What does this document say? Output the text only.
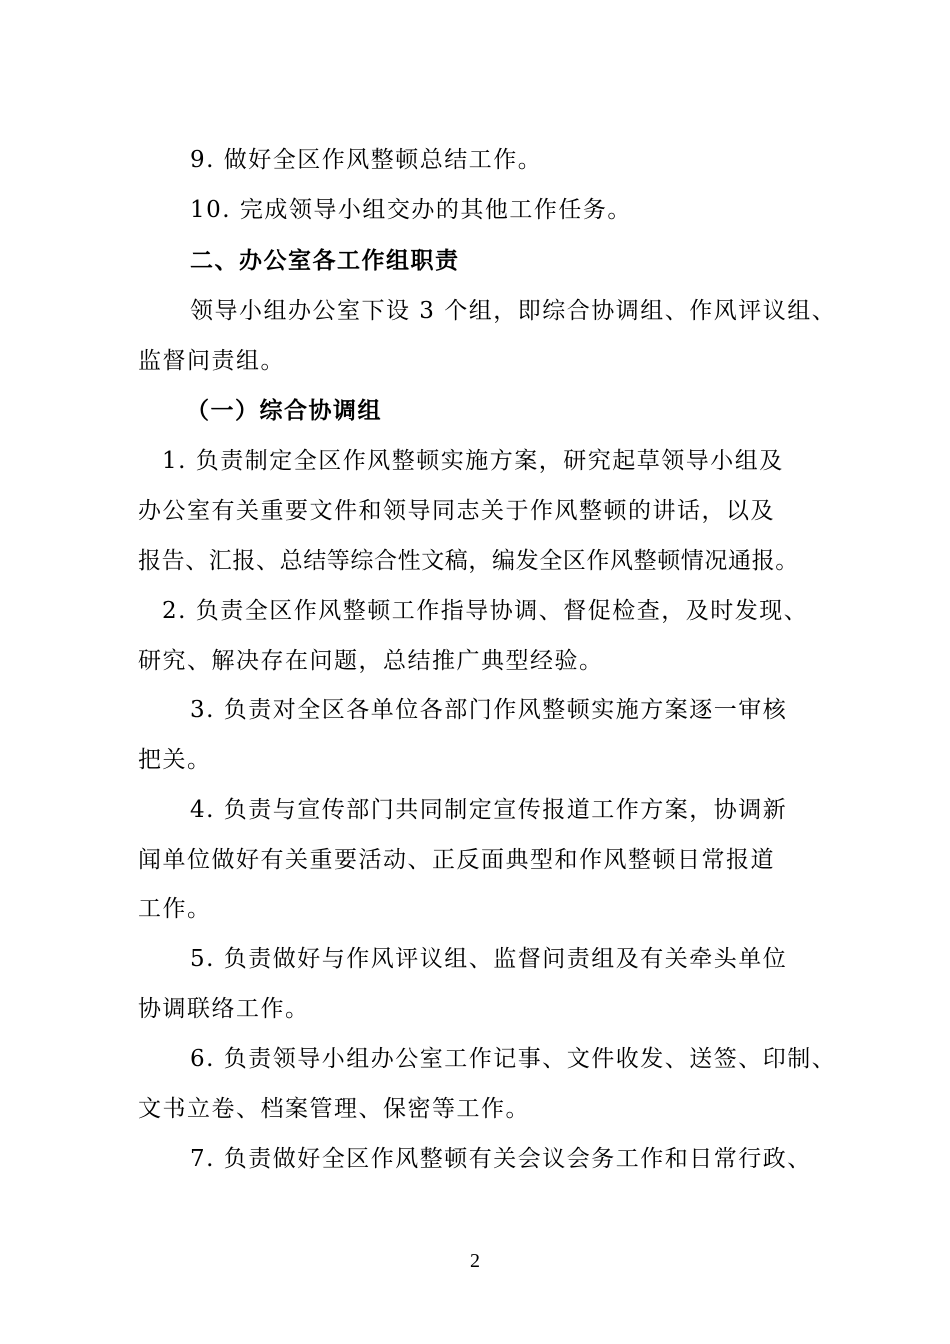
9. 做好全区作风整顿总结工作。
10. 完成领导小组交办的其他工作任务。
二、办公室各工作组职责
领导小组办公室下设 3 个组，即综合协调组、作风评议组、
监督问责组。
（一）综合协调组
1. 负责制定全区作风整顿实施方案，研究起草领导小组及
办公室有关重要文件和领导同志关于作风整顿的讲话，以及
报告、汇报、总结等综合性文稿，编发全区作风整顿情况通报。
2. 负责全区作风整顿工作指导协调、督促检查，及时发现、
研究、解决存在问题，总结推广典型经验。
3. 负责对全区各单位各部门作风整顿实施方案逐一审核
把关。
4. 负责与宣传部门共同制定宣传报道工作方案，协调新
闻单位做好有关重要活动、正反面典型和作风整顿日常报道
工作。
5. 负责做好与作风评议组、监督问责组及有关牵头单位
协调联络工作。
6. 负责领导小组办公室工作记事、文件收发、送签、印制、
文书立卷、档案管理、保密等工作。
7. 负责做好全区作风整顿有关会议会务工作和日常行政、
2
